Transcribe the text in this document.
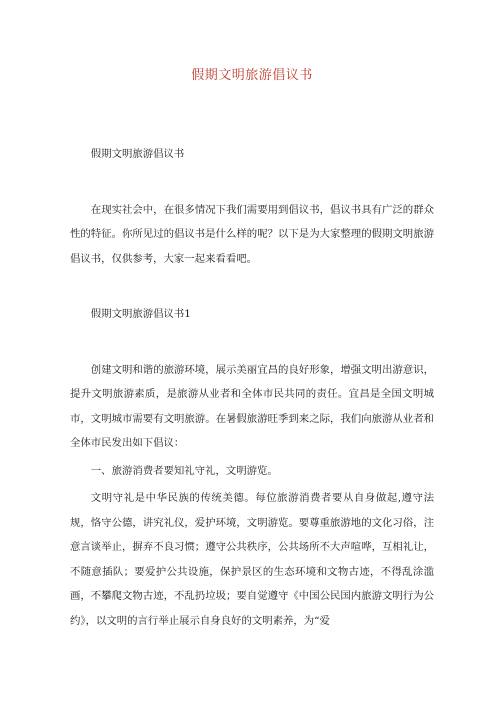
假期文明旅游倡议书

假期文明旅游倡议书

在现实社会中，在很多情况下我们需要用到倡议书，倡议书具有广泛的群众性的特征。你所见过的倡议书是什么样的呢？以下是为大家整理的假期文明旅游倡议书，仅供参考，大家一起来看看吧。

假期文明旅游倡议书1

创建文明和谐的旅游环境，展示美丽宜昌的良好形象，增强文明出游意识，提升文明旅游素质，是旅游从业者和全体市民共同的责任。宜昌是全国文明城市，文明城市需要有文明旅游。在暑假旅游旺季到来之际，我们向旅游从业者和全体市民发出如下倡议：

一、旅游消费者要知礼守礼，文明游览。

文明守礼是中华民族的传统美德。每位旅游消费者要从自身做起,遵守法规，恪守公德，讲究礼仪，爱护环境，文明游览。要尊重旅游地的文化习俗，注意言谈举止，摒弃不良习惯；遵守公共秩序，公共场所不大声喧哗，互相礼让，不随意插队；要爱护公共设施，保护景区的生态环境和文物古迹，不得乱涂滥画，不攀爬文物古迹，不乱扔垃圾；要自觉遵守《中国公民国内旅游文明行为公约》，以文明的言行举止展示自身良好的文明素养，为“爱
